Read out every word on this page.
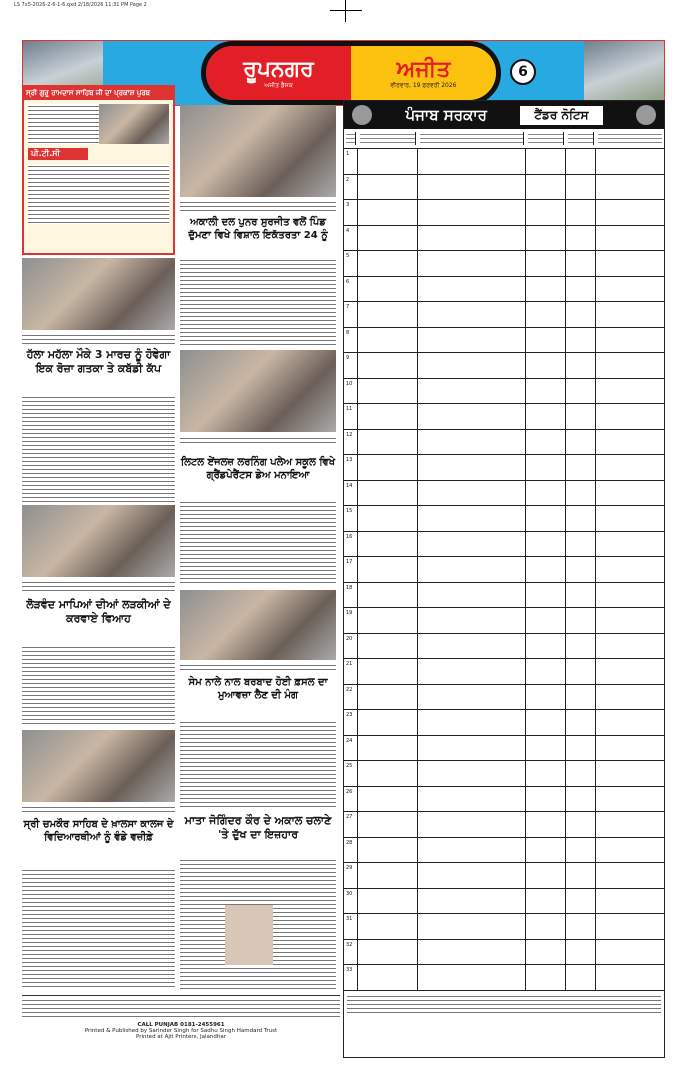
LS 7x5-2026-2-6-1-6.qxd 2/18/2026 11:31 PM Page 2
ਰੂਪਨਗਰ
ਅਜੀਤ ਡੈਸਕ
ਅਜੀਤ
ਵੀਰਵਾਰ, 19 ਫਰਵਰੀ 2026
6
ਸ੍ਰੀ ਗੁਰੂ ਰਾਮਦਾਸ ਸਾਹਿਬ ਜੀ ਦਾ ਪ੍ਰਕਾਸ਼ ਪੁਰਬ
ਪੀ.ਟੀ.ਸੀ
ਹੱਲਾ ਮਹੱਲਾ ਮੌਕੇ 3 ਮਾਰਚ ਨੂੰ ਹੋਵੇਗਾ ਇਕ ਰੋਜ਼ਾ ਗਤਕਾ ਤੇ ਕਬੱਡੀ ਕੱਪ
ਲੋੜਵੰਦ ਮਾਪਿਆਂ ਦੀਆਂ ਲੜਕੀਆਂ ਦੇ ਕਰਵਾਏ ਵਿਆਹ
ਸ੍ਰੀ ਚਮਕੌਰ ਸਾਹਿਬ ਦੇ ਖ਼ਾਲਸਾ ਕਾਲਜ ਦੇ ਵਿਦਿਆਰਥੀਆਂ ਨੂੰ ਵੰਡੇ ਵਜ਼ੀਫ਼ੇ
ਅਕਾਲੀ ਦਲ ਪੁਨਰ ਸੁਰਜੀਤ ਵਲੋਂ ਪਿੰਡ ਦੁੱਮਣਾ ਵਿਖੇ ਵਿਸ਼ਾਲ ਇਕੱਤਰਤਾ 24 ਨੂੰ
ਲਿਟਲ ਏਂਜਲਜ਼ ਲਰਨਿੰਗ ਪਲੇਅ ਸਕੂਲ ਵਿਖੇ ਗ੍ਰੈਂਡਪੇਰੈਂਟਸ ਡੇਅ ਮਨਾਇਆ
ਸੇਮ ਨਾਲੇ ਨਾਲ ਬਰਬਾਦ ਹੋਈ ਫ਼ਸਲ ਦਾ ਮੁਆਵਜ਼ਾ ਲੈਣ ਦੀ ਮੰਗ
ਮਾਤਾ ਜੋਗਿੰਦਰ ਕੌਰ ਦੇ ਅਕਾਲ ਚਲਾਣੇ 'ਤੇ ਦੁੱਖ ਦਾ ਇਜ਼ਹਾਰ
CALL PUNJAB 0181-2455961
Printed & Published by Sarinder Singh for Sadhu Singh Hamdard Trust
Printed at Ajit Printers, Jalandhar
ਪੰਜਾਬ ਸਰਕਾਰ	ਟੈਂਡਰ ਨੋਟਿਸ
1
2
3
4
5
6
7
8
9
10
11
12
13
14
15
16
17
18
19
20
21
22
23
24
25
26
27
28
29
30
31
32
33
